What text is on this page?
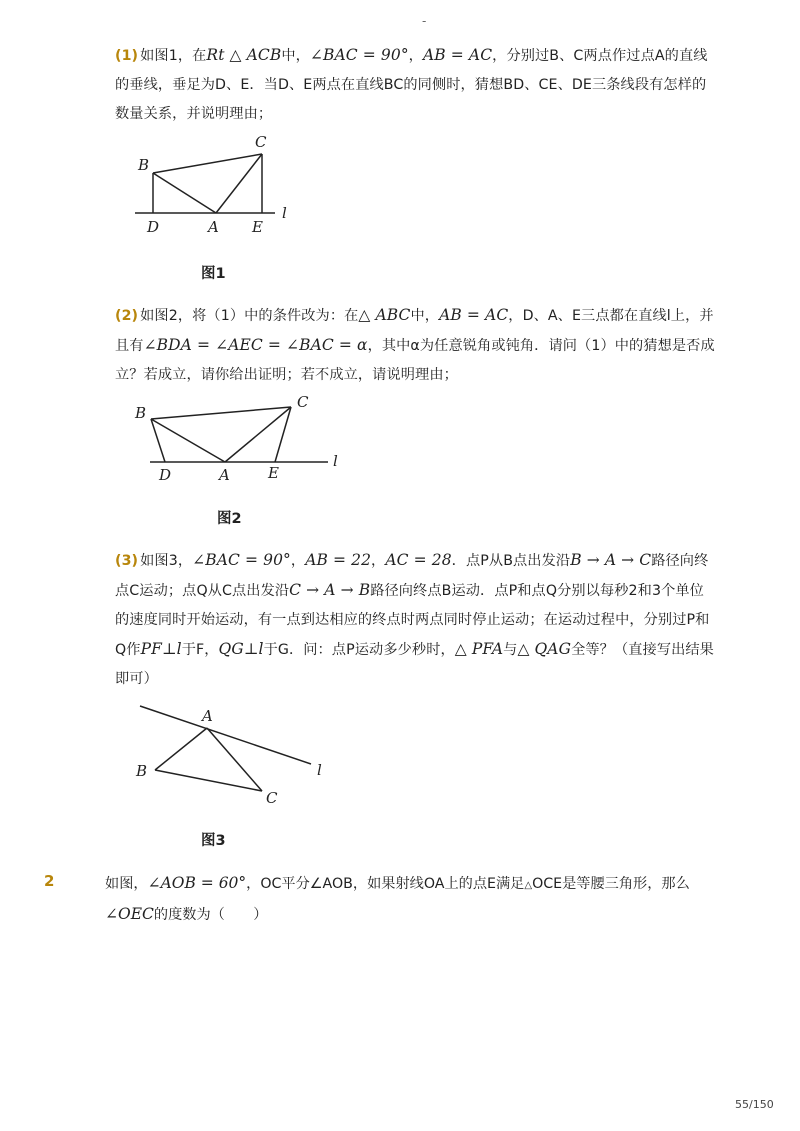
-
(1) 如图1，在Rt △ ACB中，∠BAC = 90°，AB = AC，分别过B、C两点作过点A的直线的垂线，垂足为D、E．当D、E两点在直线BC的同侧时，猜想BD、CE、DE三条线段有怎样的数量关系，并说明理由；
B
C
D	A E
l
图1
(2) 如图2，将（1）中的条件改为：在△ ABC中，AB = AC，D、A、E三点都在直线l上，并且有∠BDA = ∠AEC = ∠BAC = α，其中α为任意锐角或钝角．请问（1）中的猜想是否成立？若成立，请你给出证明；若不成立，请说明理由；
B
C
D	A	E
l
图2
(3) 如图3，∠BAC = 90°，AB = 22，AC = 28．点P从B点出发沿B → A → C路径向终点C运动；点Q从C点出发沿C → A → B路径向终点B运动．点P和点Q分别以每秒2和3个单位的速度同时开始运动，有一点到达相应的终点时两点同时停止运动；在运动过程中，分别过P和Q作PF⊥l于F，QG⊥l于G．问：点P运动多少秒时，△ PFA与△ QAG全等？（直接写出结果即可）
A
B
C
l
图3
2	如图，∠AOB = 60°，OC平分∠AOB，如果射线OA上的点E满足△OCE是等腰三角形，那么∠OEC的度数为（　　）
55/150
